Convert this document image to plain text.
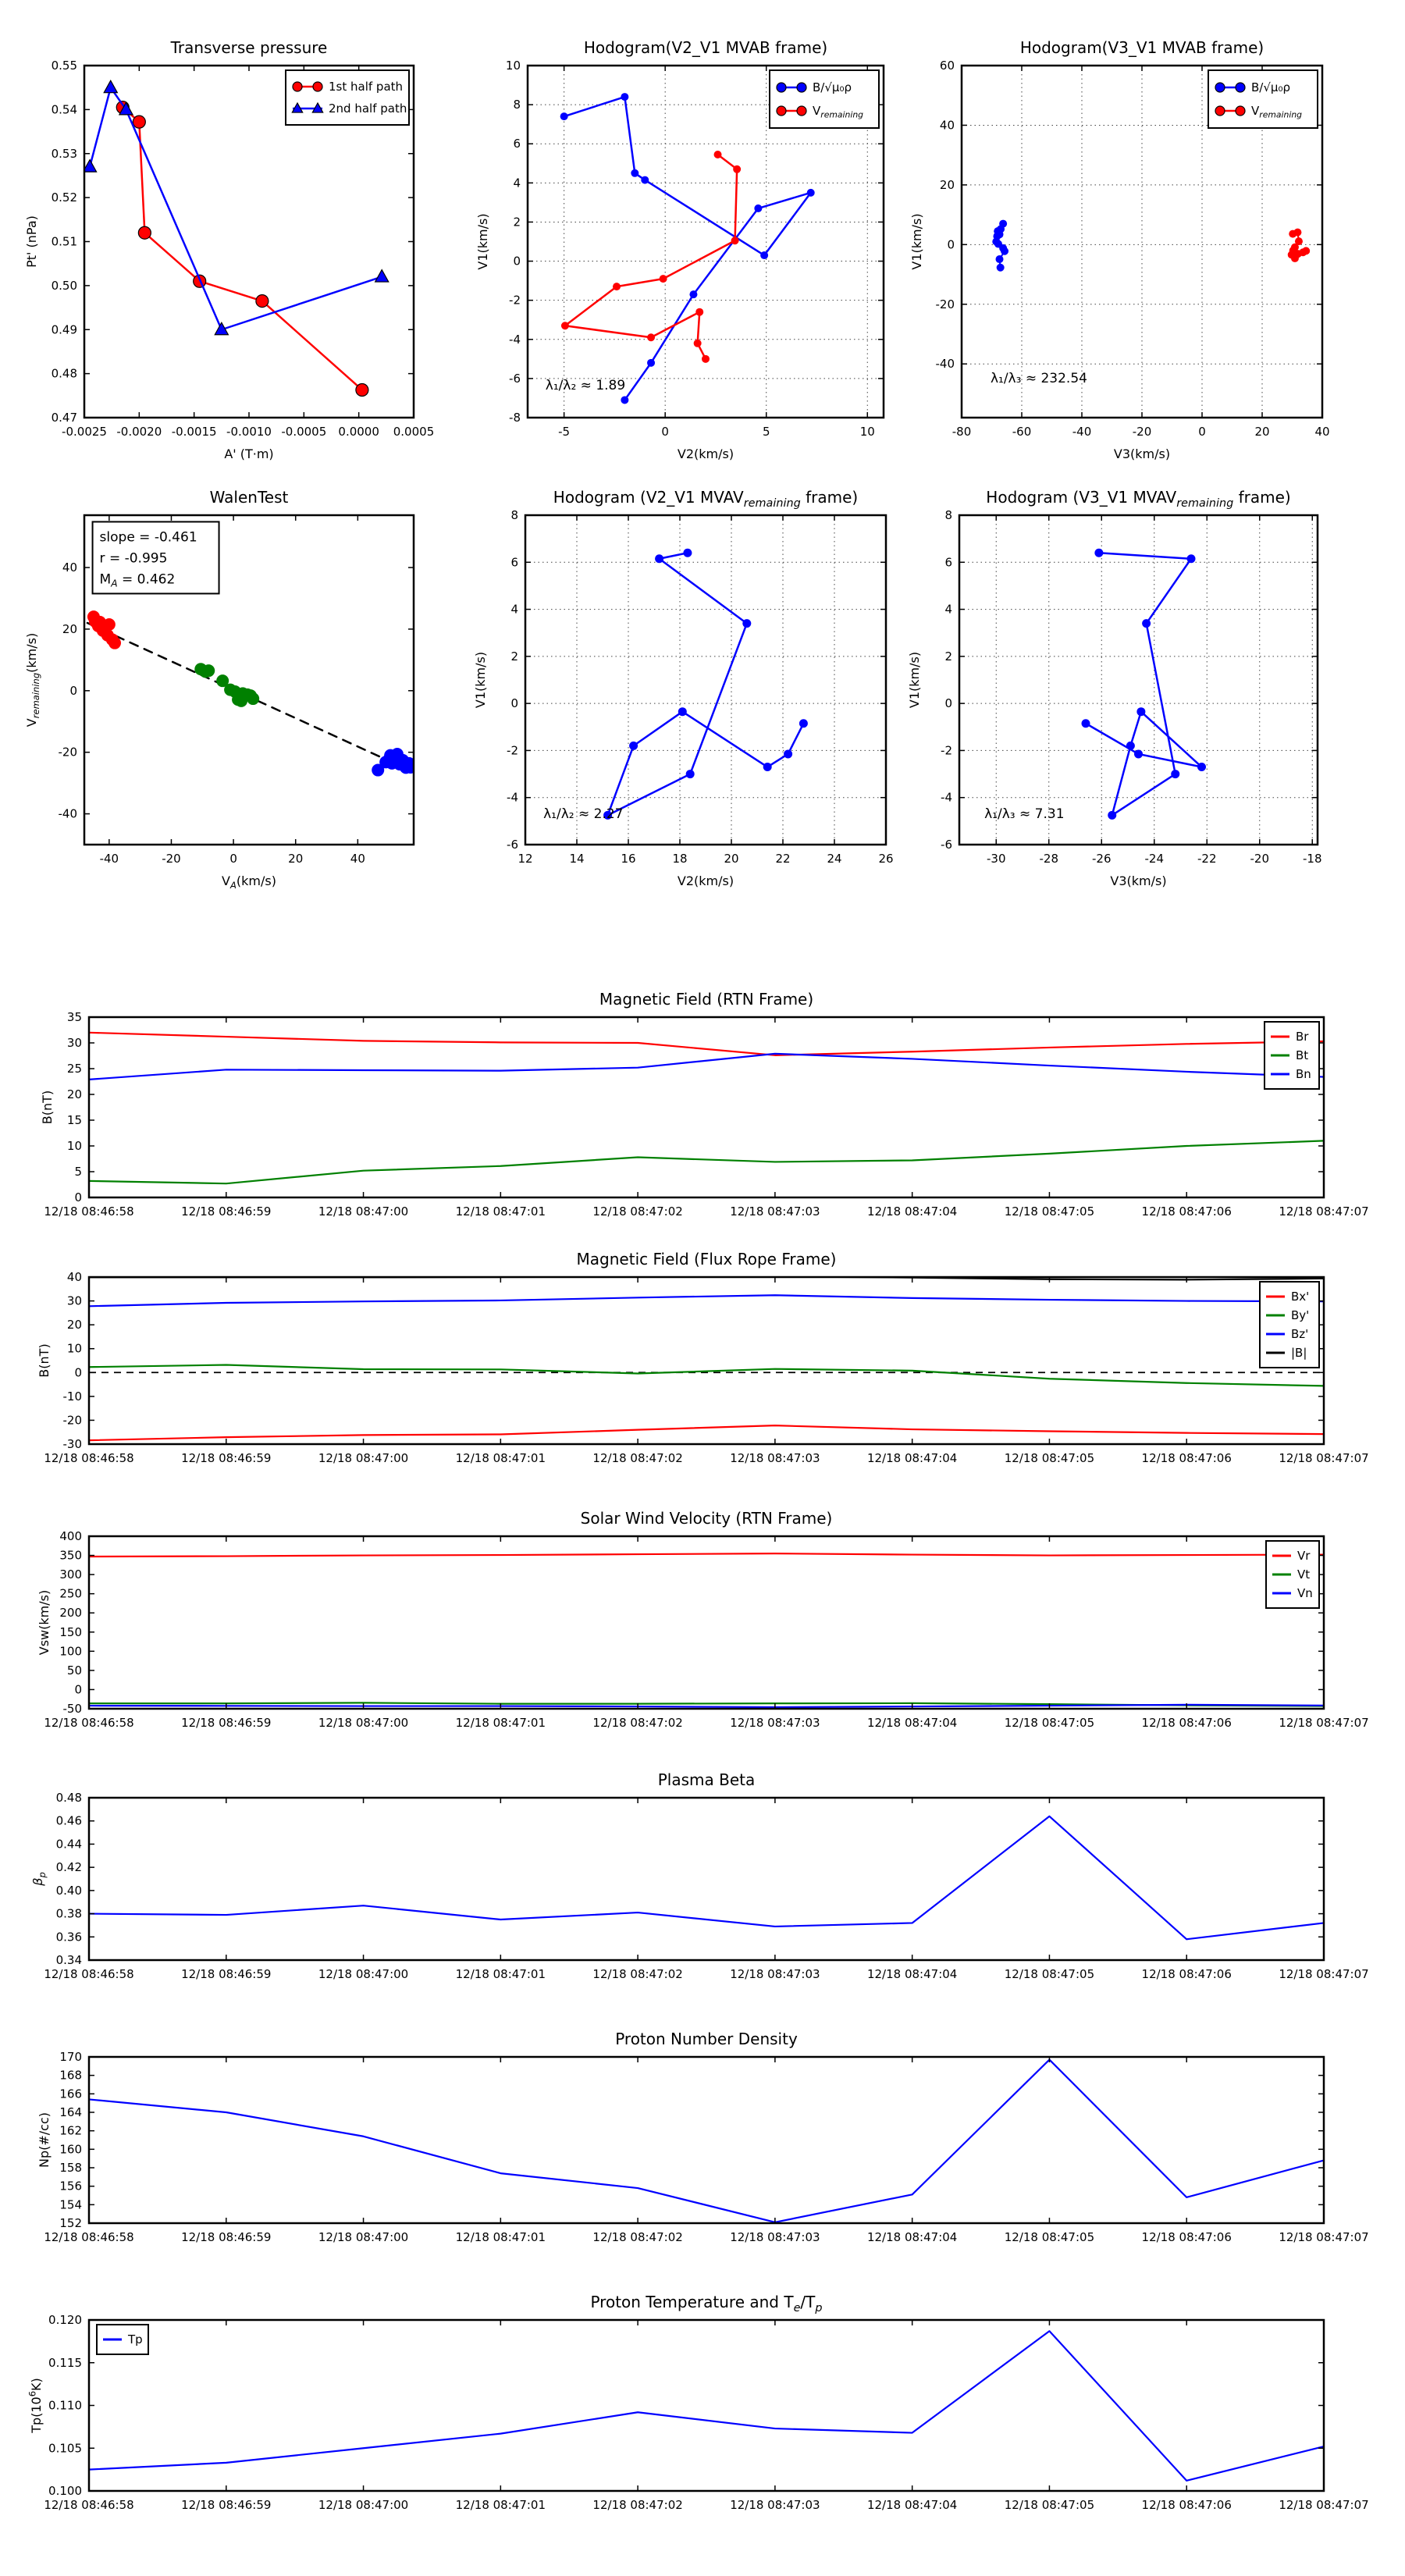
-0.0025 -0.0020 -0.0015 -0.0010 -0.0005 0.0000 0.0005
0.47
0.48
0.49
0.50
0.51
0.52
0.53
0.54
0.55
Transverse pressure
A' (T·m)
Pt' (nPa)
1st half path
2nd half path
-5	0	5	10
-8
-6
-4
-2
0
2
4
6
8
10
Hodogram(V2_V1 MVAB frame)
V2(km/s)
V1(km/s)
B/√μ₀ρ
$V_{remaining}$
λ₁/λ₂ ≈ 1.89
-80	-60	-40	-20	0	20	40
-40
-20
0
20
40
60
Hodogram(V3_V1 MVAB frame)
V3(km/s)
V1(km/s)
B/√μ₀ρ
$V_{remaining}$
λ₁/λ₃ ≈ 232.54
-40	-20	0	20	40
-40
-20
0
20
40
WalenTest
$V_A(km/s)$
$V_{remaining}(km/s)$
slope = -0.461
r = -0.995
$M_A = 0.462$
12	14	16	18	20	22	24	26
-6
-4
-2
0
2
4
6
8
Hodogram (V2_V1 $MVAV_{remaining}$ frame)
V2(km/s)
V1(km/s)
λ₁/λ₂ ≈ 2.27
-30	-28	-26	-24	-22	-20	-18
-6
-4
-2
0
2
4
6
8
Hodogram (V3_V1 $MVAV_{remaining}$ frame)
V3(km/s)
V1(km/s)
λ₁/λ₃ ≈ 7.31
12/18 08:46:58	12/18 08:46:59	12/18 08:47:00	12/18 08:47:01	12/18 08:47:02	12/18 08:47:03	12/18 08:47:04	12/18 08:47:05	12/18 08:47:06	12/18 08:47:07
0
5
10
15
20
25
30
35
Magnetic Field (RTN Frame)
B(nT)
Br
Bt
Bn
12/18 08:46:58	12/18 08:46:59	12/18 08:47:00	12/18 08:47:01	12/18 08:47:02	12/18 08:47:03	12/18 08:47:04	12/18 08:47:05	12/18 08:47:06	12/18 08:47:07
-30
-20
-10
0
10
20
30
40
Magnetic Field (Flux Rope Frame)
B(nT)
Bx'
By'
Bz'
|B|
12/18 08:46:58	12/18 08:46:59	12/18 08:47:00	12/18 08:47:01	12/18 08:47:02	12/18 08:47:03	12/18 08:47:04	12/18 08:47:05	12/18 08:47:06	12/18 08:47:07
-50
0
50
100
150
200
250
300
350
400
Solar Wind Velocity (RTN Frame)
Vsw(km/s)
Vr
Vt
Vn
12/18 08:46:58	12/18 08:46:59	12/18 08:47:00	12/18 08:47:01	12/18 08:47:02	12/18 08:47:03	12/18 08:47:04	12/18 08:47:05	12/18 08:47:06	12/18 08:47:07
0.34
0.36
0.38
0.40
0.42
0.44
0.46
0.48
Plasma Beta
$\beta_p$
12/18 08:46:58	12/18 08:46:59	12/18 08:47:00	12/18 08:47:01	12/18 08:47:02	12/18 08:47:03	12/18 08:47:04	12/18 08:47:05	12/18 08:47:06	12/18 08:47:07
152
154
156
158
160
162
164
166
168
170
Proton Number Density
Np(#/cc)
12/18 08:46:58	12/18 08:46:59	12/18 08:47:00	12/18 08:47:01	12/18 08:47:02	12/18 08:47:03	12/18 08:47:04	12/18 08:47:05	12/18 08:47:06	12/18 08:47:07
0.100
0.105
0.110
0.115
0.120
Proton Temperature and $T_e/T_p$
$Tp(10^6K)$
Tp
